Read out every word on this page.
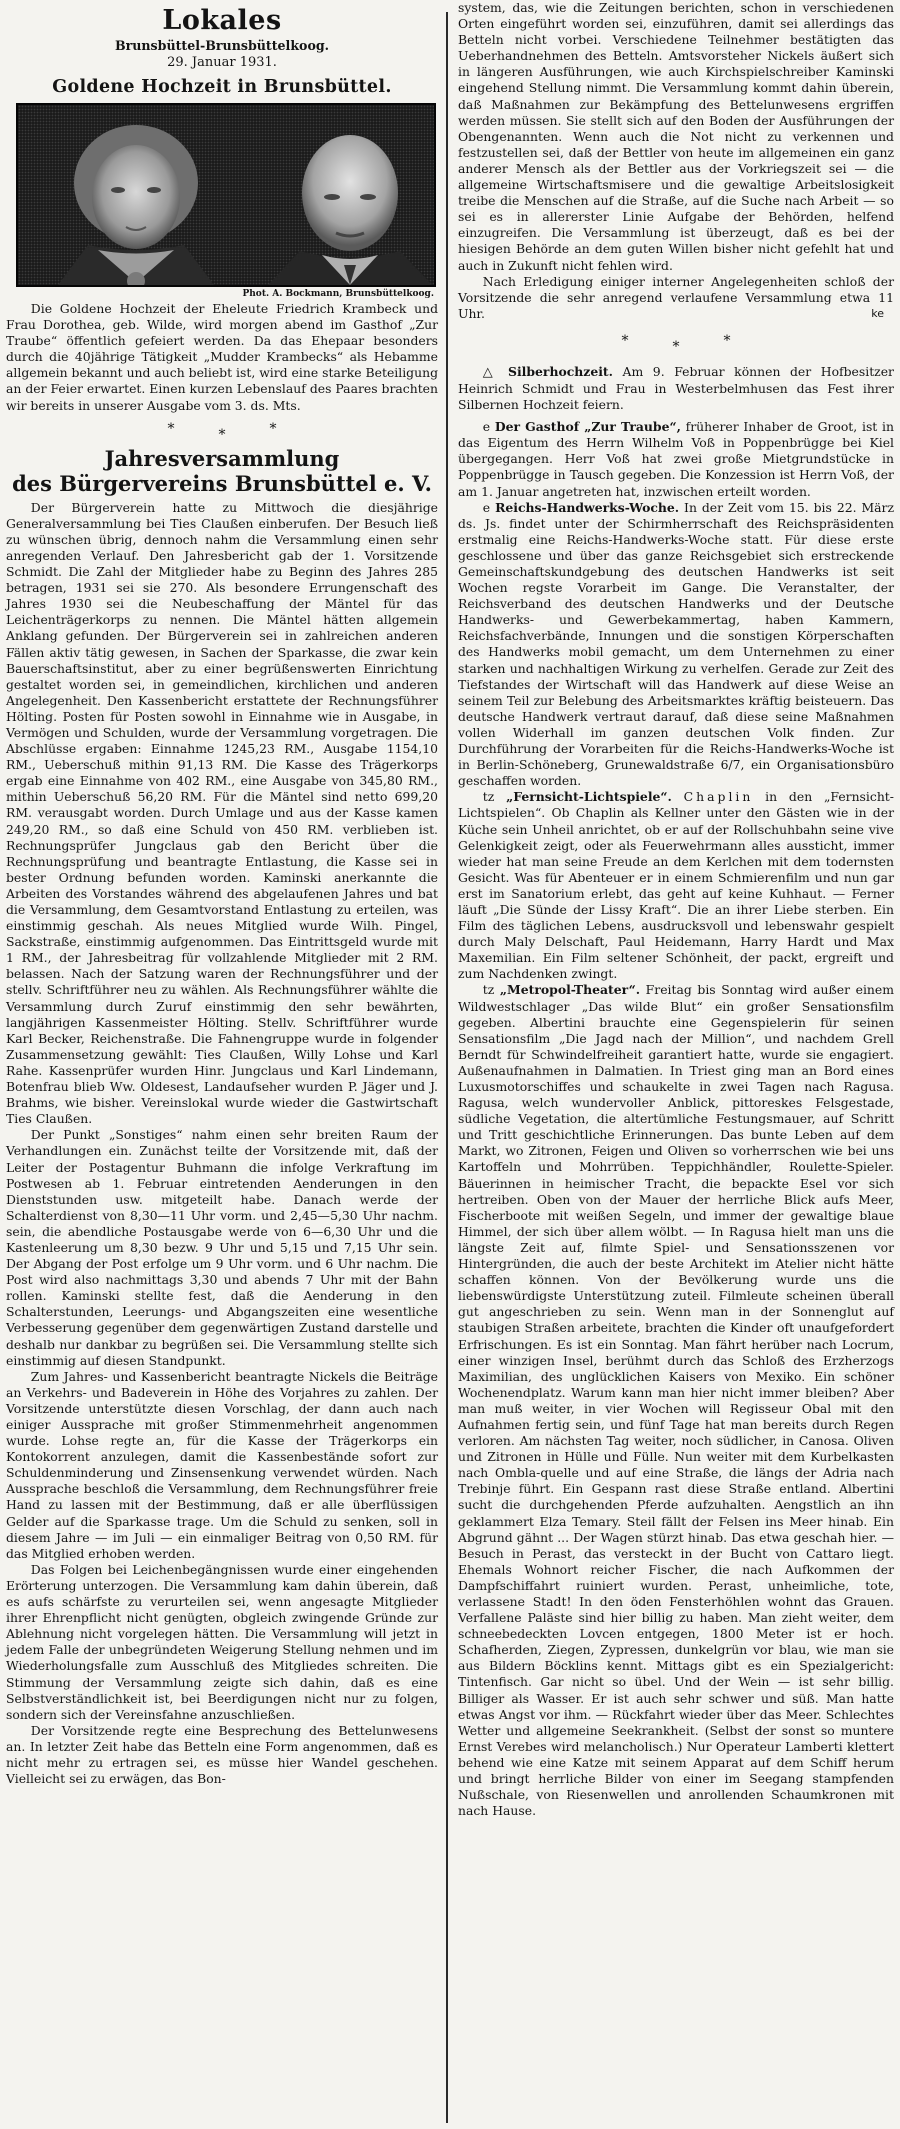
Lokales
Brunsbüttel-Brunsbüttelkoog.
29. Januar 1931.
Goldene Hochzeit in Brunsbüttel.
Phot. A. Bockmann, Brunsbüttelkoog.

Die Goldene Hochzeit der Eheleute Friedrich Krambeck und Frau Dorothea, geb. Wilde, wird morgen abend im Gasthof „Zur Traube“ öffentlich gefeiert werden. Da das Ehepaar besonders durch die 40jährige Tätigkeit „Mudder Krambecks“ als Hebamme allgemein bekannt und auch beliebt ist, wird eine starke Beteiligung an der Feier erwartet. Einen kurzen Lebenslauf des Paares brachten wir bereits in unserer Ausgabe vom 3. ds. Mts.

***
Jahresversammlung
des Bürgervereins Brunsbüttel e. V.

Der Bürgerverein hatte zu Mittwoch die diesjährige Generalversammlung bei Ties Claußen einberufen. Der Besuch ließ zu wünschen übrig, dennoch nahm die Versammlung einen sehr anregenden Verlauf. Den Jahresbericht gab der 1. Vorsitzende Schmidt. Die Zahl der Mitglieder habe zu Beginn des Jahres 285 betragen, 1931 sei sie 270. Als besondere Errungenschaft des Jahres 1930 sei die Neubeschaffung der Mäntel für das Leichenträgerkorps zu nennen. Die Mäntel hätten allgemein Anklang gefunden. Der Bürgerverein sei in zahlreichen anderen Fällen aktiv tätig gewesen, in Sachen der Sparkasse, die zwar kein Bauerschaftsinstitut, aber zu einer begrüßenswerten Einrichtung gestaltet worden sei, in gemeindlichen, kirchlichen und anderen Angelegenheit. Den Kassenbericht erstattete der Rechnungsführer Hölting. Posten für Posten sowohl in Einnahme wie in Ausgabe, in Vermögen und Schulden, wurde der Versammlung vorgetragen. Die Abschlüsse ergaben: Einnahme 1245,23 RM., Ausgabe 1154,10 RM., Ueberschuß mithin 91,13 RM. Die Kasse des Trägerkorps ergab eine Einnahme von 402 RM., eine Ausgabe von 345,80 RM., mithin Ueberschuß 56,20 RM. Für die Mäntel sind netto 699,20 RM. verausgabt worden. Durch Umlage und aus der Kasse kamen 249,20 RM., so daß eine Schuld von 450 RM. verblieben ist. Rechnungsprüfer Jungclaus gab den Bericht über die Rechnungsprüfung und beantragte Entlastung, die Kasse sei in bester Ordnung befunden worden. Kaminski anerkannte die Arbeiten des Vorstandes während des abgelaufenen Jahres und bat die Versammlung, dem Gesamtvorstand Entlastung zu erteilen, was einstimmig geschah. Als neues Mitglied wurde Wilh. Pingel, Sackstraße, einstimmig aufgenommen. Das Eintrittsgeld wurde mit 1 RM., der Jahresbeitrag für vollzahlende Mitglieder mit 2 RM. belassen. Nach der Satzung waren der Rechnungsführer und der stellv. Schriftführer neu zu wählen. Als Rechnungsführer wählte die Versammlung durch Zuruf einstimmig den sehr bewährten, langjährigen Kassenmeister Hölting. Stellv. Schriftführer wurde Karl Becker, Reichenstraße. Die Fahnengruppe wurde in folgender Zusammensetzung gewählt: Ties Claußen, Willy Lohse und Karl Rahe. Kassenprüfer wurden Hinr. Jungclaus und Karl Lindemann, Botenfrau blieb Ww. Oldesest, Landaufseher wurden P. Jäger und J. Brahms, wie bisher. Vereinslokal wurde wieder die Gastwirtschaft Ties Claußen.

Der Punkt „Sonstiges“ nahm einen sehr breiten Raum der Verhandlungen ein. Zunächst teilte der Vorsitzende mit, daß der Leiter der Postagentur Buhmann die infolge Verkraftung im Postwesen ab 1. Februar eintretenden Aenderungen in den Dienststunden usw. mitgeteilt habe. Danach werde der Schalterdienst von 8,30—11 Uhr vorm. und 2,45—5,30 Uhr nachm. sein, die abendliche Postausgabe werde von 6—6,30 Uhr und die Kastenleerung um 8,30 bezw. 9 Uhr und 5,15 und 7,15 Uhr sein. Der Abgang der Post erfolge um 9 Uhr vorm. und 6 Uhr nachm. Die Post wird also nachmittags 3,30 und abends 7 Uhr mit der Bahn rollen. Kaminski stellte fest, daß die Aenderung in den Schalterstunden, Leerungs- und Abgangszeiten eine wesentliche Verbesserung gegenüber dem gegenwärtigen Zustand darstelle und deshalb nur dankbar zu begrüßen sei. Die Versammlung stellte sich einstimmig auf diesen Standpunkt.

Zum Jahres- und Kassenbericht beantragte Nickels die Beiträge an Verkehrs- und Badeverein in Höhe des Vorjahres zu zahlen. Der Vorsitzende unterstützte diesen Vorschlag, der dann auch nach einiger Aussprache mit großer Stimmenmehrheit angenommen wurde. Lohse regte an, für die Kasse der Trägerkorps ein Kontokorrent anzulegen, damit die Kassenbestände sofort zur Schuldenminderung und Zinsensenkung verwendet würden. Nach Aussprache beschloß die Versammlung, dem Rechnungsführer freie Hand zu lassen mit der Bestimmung, daß er alle überflüssigen Gelder auf die Sparkasse trage. Um die Schuld zu senken, soll in diesem Jahre — im Juli — ein einmaliger Beitrag von 0,50 RM. für das Mitglied erhoben werden.

Das Folgen bei Leichenbegängnissen wurde einer eingehenden Erörterung unterzogen. Die Versammlung kam dahin überein, daß es aufs schärfste zu verurteilen sei, wenn angesagte Mitglieder ihrer Ehrenpflicht nicht genügten, obgleich zwingende Gründe zur Ablehnung nicht vorgelegen hätten. Die Versammlung will jetzt in jedem Falle der unbegründeten Weigerung Stellung nehmen und im Wiederholungsfalle zum Ausschluß des Mitgliedes schreiten. Die Stimmung der Versammlung zeigte sich dahin, daß es eine Selbstverständlichkeit ist, bei Beerdigungen nicht nur zu folgen, sondern sich der Vereinsfahne anzuschließen.

Der Vorsitzende regte eine Besprechung des Bettelunwesens an. In letzter Zeit habe das Betteln eine Form angenommen, daß es nicht mehr zu ertragen sei, es müsse hier Wandel geschehen. Vielleicht sei zu erwägen, das Bon-

system, das, wie die Zeitungen berichten, schon in verschiedenen Orten eingeführt worden sei, einzuführen, damit sei allerdings das Betteln nicht vorbei. Verschiedene Teilnehmer bestätigten das Ueberhandnehmen des Betteln. Amtsvorsteher Nickels äußert sich in längeren Ausführungen, wie auch Kirchspielschreiber Kaminski eingehend Stellung nimmt. Die Versammlung kommt dahin überein, daß Maßnahmen zur Bekämpfung des Bettelunwesens ergriffen werden müssen. Sie stellt sich auf den Boden der Ausführungen der Obengenannten. Wenn auch die Not nicht zu verkennen und festzustellen sei, daß der Bettler von heute im allgemeinen ein ganz anderer Mensch als der Bettler aus der Vorkriegszeit sei — die allgemeine Wirtschaftsmisere und die gewaltige Arbeitslosigkeit treibe die Menschen auf die Straße, auf die Suche nach Arbeit — so sei es in allererster Linie Aufgabe der Behörden, helfend einzugreifen. Die Versammlung ist überzeugt, daß es bei der hiesigen Behörde an dem guten Willen bisher nicht gefehlt hat und auch in Zukunft nicht fehlen wird.

Nach Erledigung einiger interner Angelegenheiten schloß der Vorsitzende die sehr anregend verlaufene Versammlung etwa 11 Uhr.	ke

***

△ Silberhochzeit. Am 9. Februar können der Hofbesitzer Heinrich Schmidt und Frau in Westerbelmhusen das Fest ihrer Silbernen Hochzeit feiern.

e Der Gasthof „Zur Traube“, früherer Inhaber de Groot, ist in das Eigentum des Herrn Wilhelm Voß in Poppenbrügge bei Kiel übergegangen. Herr Voß hat zwei große Mietgrundstücke in Poppenbrügge in Tausch gegeben. Die Konzession ist Herrn Voß, der am 1. Januar angetreten hat, inzwischen erteilt worden.

e Reichs-Handwerks-Woche. In der Zeit vom 15. bis 22. März ds. Js. findet unter der Schirmherrschaft des Reichspräsidenten erstmalig eine Reichs-Handwerks-Woche statt. Für diese erste geschlossene und über das ganze Reichsgebiet sich erstreckende Gemeinschaftskundgebung des deutschen Handwerks ist seit Wochen regste Vorarbeit im Gange. Die Veranstalter, der Reichsverband des deutschen Handwerks und der Deutsche Handwerks- und Gewerbekammertag, haben Kammern, Reichsfachverbände, Innungen und die sonstigen Körperschaften des Handwerks mobil gemacht, um dem Unternehmen zu einer starken und nachhaltigen Wirkung zu verhelfen. Gerade zur Zeit des Tiefstandes der Wirtschaft will das Handwerk auf diese Weise an seinem Teil zur Belebung des Arbeitsmarktes kräftig beisteuern. Das deutsche Handwerk vertraut darauf, daß diese seine Maßnahmen vollen Widerhall im ganzen deutschen Volk finden. Zur Durchführung der Vorarbeiten für die Reichs-Handwerks-Woche ist in Berlin-Schöneberg, Grunewaldstraße 6/7, ein Organisationsbüro geschaffen worden.

tz „Fernsicht-Lichtspiele“. Chaplin in den „Fernsicht-Lichtspielen“. Ob Chaplin als Kellner unter den Gästen wie in der Küche sein Unheil anrichtet, ob er auf der Rollschuhbahn seine vive Gelenkigkeit zeigt, oder als Feuerwehrmann alles aussticht, immer wieder hat man seine Freude an dem Kerlchen mit dem todernsten Gesicht. Was für Abenteuer er in einem Schmierenfilm und nun gar erst im Sanatorium erlebt, das geht auf keine Kuhhaut. — Ferner läuft „Die Sünde der Lissy Kraft“. Die an ihrer Liebe sterben. Ein Film des täglichen Lebens, ausdrucksvoll und lebenswahr gespielt durch Maly Delschaft, Paul Heidemann, Harry Hardt und Max Maxemilian. Ein Film seltener Schönheit, der packt, ergreift und zum Nachdenken zwingt.

tz „Metropol-Theater“. Freitag bis Sonntag wird außer einem Wildwestschlager „Das wilde Blut“ ein großer Sensationsfilm gegeben. Albertini brauchte eine Gegenspielerin für seinen Sensationsfilm „Die Jagd nach der Million“, und nachdem Grell Berndt für Schwindelfreiheit garantiert hatte, wurde sie engagiert. Außenaufnahmen in Dalmatien. In Triest ging man an Bord eines Luxusmotorschiffes und schaukelte in zwei Tagen nach Ragusa. Ragusa, welch wundervoller Anblick, pittoreskes Felsgestade, südliche Vegetation, die altertümliche Festungsmauer, auf Schritt und Tritt geschichtliche Erinnerungen. Das bunte Leben auf dem Markt, wo Zitronen, Feigen und Oliven so vorherrschen wie bei uns Kartoffeln und Mohrrüben. Teppichhändler, Roulette-Spieler. Bäuerinnen in heimischer Tracht, die bepackte Esel vor sich hertreiben. Oben von der Mauer der herrliche Blick aufs Meer, Fischerboote mit weißen Segeln, und immer der gewaltige blaue Himmel, der sich über allem wölbt. — In Ragusa hielt man uns die längste Zeit auf, filmte Spiel- und Sensationsszenen vor Hintergründen, die auch der beste Architekt im Atelier nicht hätte schaffen können. Von der Bevölkerung wurde uns die liebenswürdigste Unterstützung zuteil. Filmleute scheinen überall gut angeschrieben zu sein. Wenn man in der Sonnenglut auf staubigen Straßen arbeitete, brachten die Kinder oft unaufgefordert Erfrischungen. Es ist ein Sonntag. Man fährt herüber nach Locrum, einer winzigen Insel, berühmt durch das Schloß des Erzherzogs Maximilian, des unglücklichen Kaisers von Mexiko. Ein schöner Wochenendplatz. Warum kann man hier nicht immer bleiben? Aber man muß weiter, in vier Wochen will Regisseur Obal mit den Aufnahmen fertig sein, und fünf Tage hat man bereits durch Regen verloren. Am nächsten Tag weiter, noch südlicher, in Canosa. Oliven und Zitronen in Hülle und Fülle. Nun weiter mit dem Kurbelkasten nach Ombla-quelle und auf eine Straße, die längs der Adria nach Trebinje führt. Ein Gespann rast diese Straße entland. Albertini sucht die durchgehenden Pferde aufzuhalten. Aengstlich an ihn geklammert Elza Temary. Steil fällt der Felsen ins Meer hinab. Ein Abgrund gähnt ... Der Wagen stürzt hinab. Das etwa geschah hier. — Besuch in Perast, das versteckt in der Bucht von Cattaro liegt. Ehemals Wohnort reicher Fischer, die nach Aufkommen der Dampfschiffahrt ruiniert wurden. Perast, unheimliche, tote, verlassene Stadt! In den öden Fensterhöhlen wohnt das Grauen. Verfallene Paläste sind hier billig zu haben. Man zieht weiter, dem schneebedeckten Lovcen entgegen, 1800 Meter ist er hoch. Schafherden, Ziegen, Zypressen, dunkelgrün vor blau, wie man sie aus Bildern Böcklins kennt. Mittags gibt es ein Spezialgericht: Tintenfisch. Gar nicht so übel. Und der Wein — ist sehr billig. Billiger als Wasser. Er ist auch sehr schwer und süß. Man hatte etwas Angst vor ihm. — Rückfahrt wieder über das Meer. Schlechtes Wetter und allgemeine Seekrankheit. (Selbst der sonst so muntere Ernst Verebes wird melancholisch.) Nur Operateur Lamberti klettert behend wie eine Katze mit seinem Apparat auf dem Schiff herum und bringt herrliche Bilder von einer im Seegang stampfenden Nußschale, von Riesenwellen und anrollenden Schaumkronen mit nach Hause.
